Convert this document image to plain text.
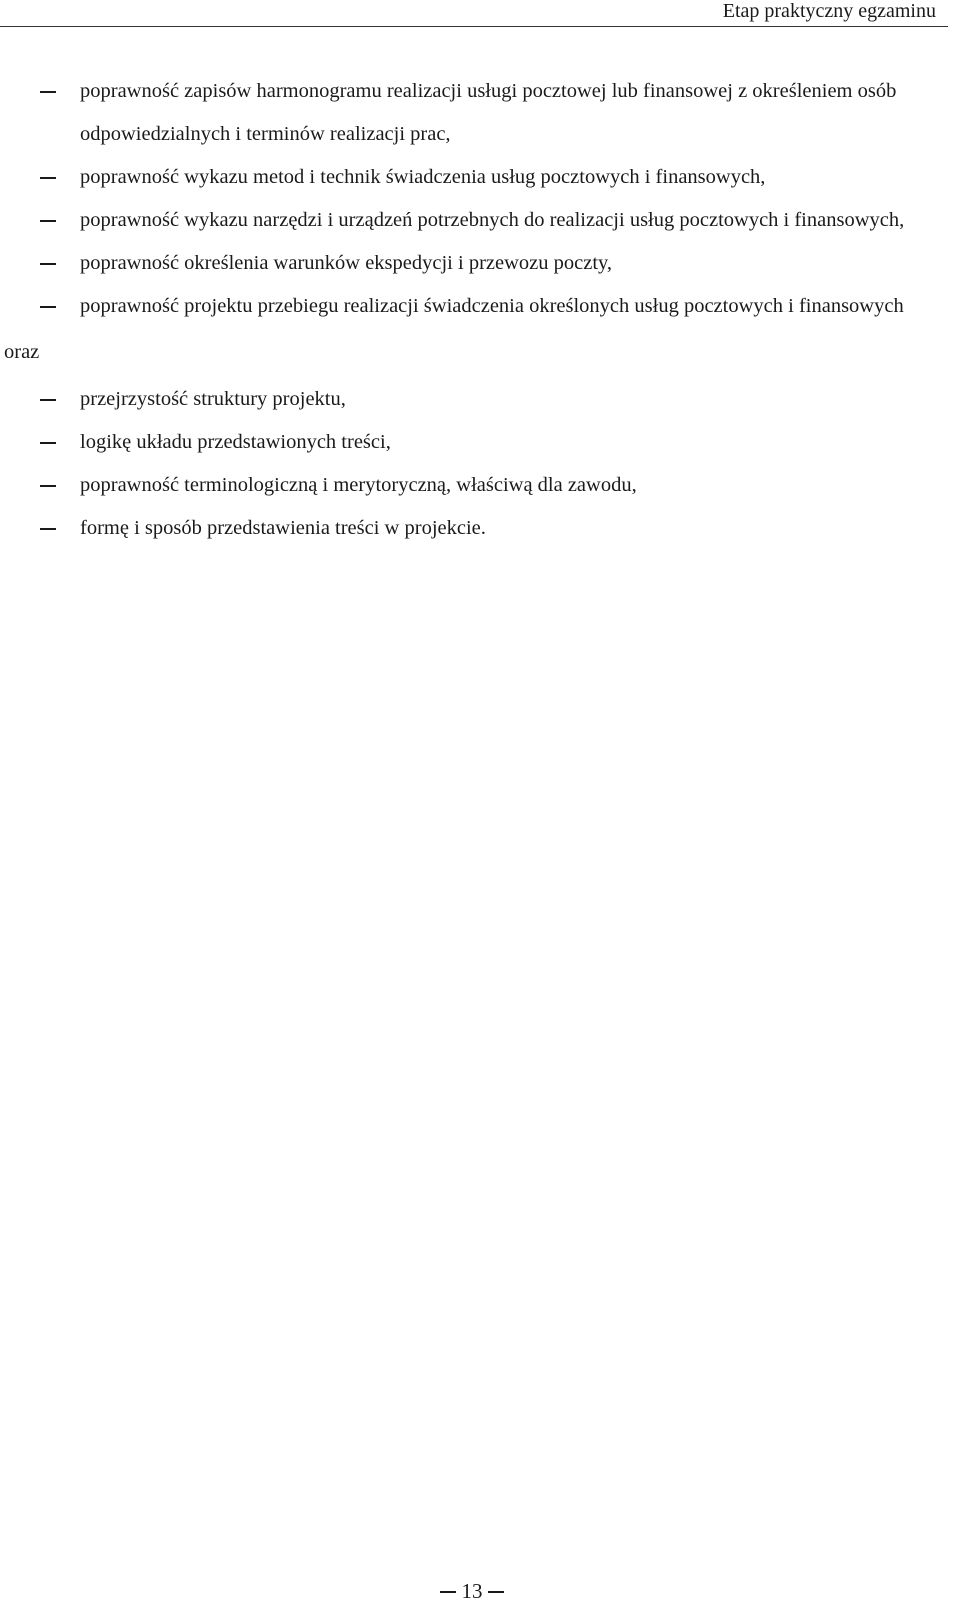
Etap praktyczny egzaminu
poprawność zapisów harmonogramu realizacji usługi pocztowej lub finansowej z określeniem osób odpowiedzialnych i terminów realizacji prac,
poprawność wykazu metod i technik świadczenia usług pocztowych i finansowych,
poprawność wykazu narzędzi i urządzeń potrzebnych do realizacji usług pocztowych i finansowych,
poprawność określenia warunków ekspedycji i przewozu poczty,
poprawność projektu przebiegu realizacji świadczenia określonych usług pocztowych i finansowych
oraz
przejrzystość struktury projektu,
logikę układu przedstawionych treści,
poprawność terminologiczną i merytoryczną, właściwą dla zawodu,
formę i sposób przedstawienia treści w projekcie.
13
